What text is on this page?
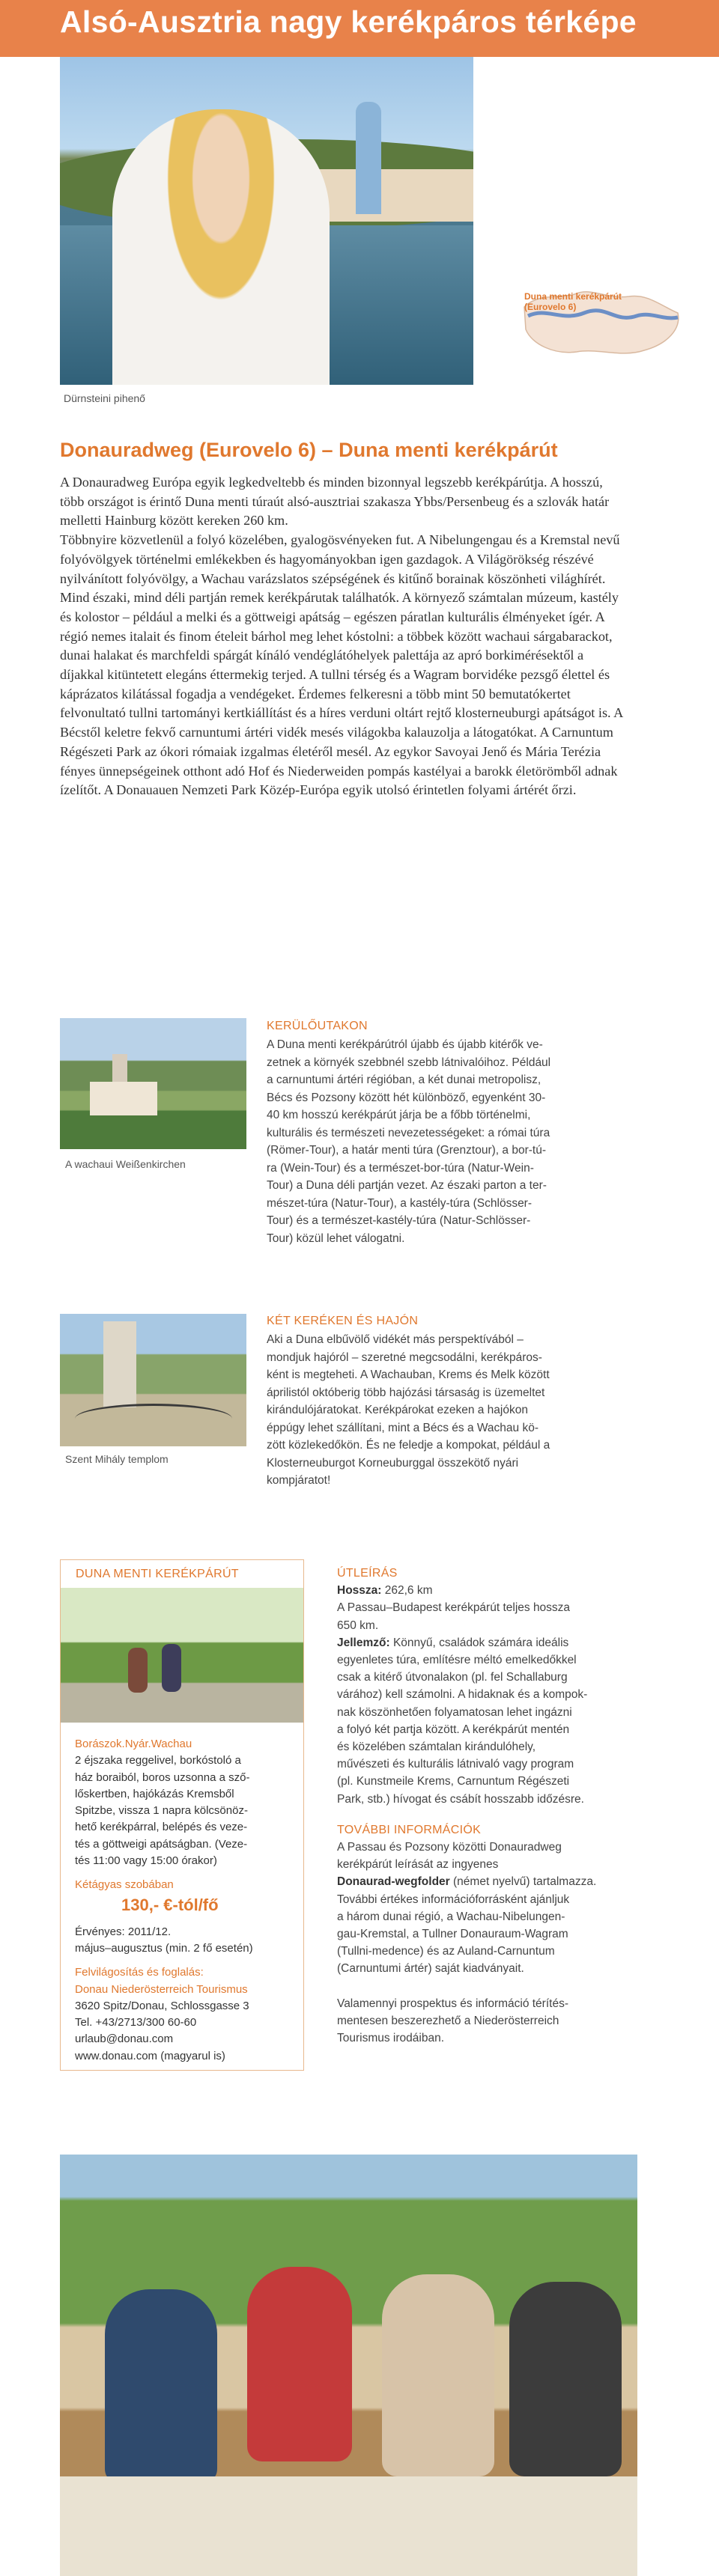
Alsó-Ausztria nagy kerékpáros térképe
Dürnsteini pihenő
Duna menti kerékpárút
(Eurovelo 6)
Donauradweg (Eurovelo 6) – Duna menti kerékpárút

A Donauradweg Európa egyik legkedveltebb és minden bizonnyal legszebb kerékpárútja. A hosszú, több országot is érintő Duna menti túraút alsó-ausztriai szakasza Ybbs/Persenbeug és a szlovák határ melletti Hainburg között kereken 260 km.

Többnyire közvetlenül a folyó közelében, gyalogösvényeken fut. A Nibelungengau és a Kremstal nevű folyóvölgyek történelmi emlékekben és hagyományokban igen gazdagok. A Világörökség részévé nyilvánított folyóvölgy, a Wachau varázslatos szépségének és kitűnő borainak köszönheti világhírét. Mind északi, mind déli partján remek kerékpárutak találhatók. A környező számtalan múzeum, kastély és kolostor – például a melki és a göttweigi apátság – egészen páratlan kulturális élményeket ígér. A régió nemes italait és finom ételeit bárhol meg lehet kóstolni: a többek között wachaui sárgabarackot, dunai halakat és marchfeldi spárgát kínáló vendéglátóhelyek palettája az apró borkimérésektől a díjakkal kitüntetett elegáns éttermekig terjed. A tullni térség és a Wagram borvidéke pezsgő élettel és káprázatos kilátással fogadja a vendégeket. Érdemes felkeresni a több mint 50 bemutatókertet felvonultató tullni tartományi kertkiállítást és a híres verduni oltárt rejtő klosterneuburgi apátságot is. A Bécstől keletre fekvő carnuntumi ártéri vidék mesés világokba kalauzolja a látogatókat. A Carnuntum Régészeti Park az ókori rómaiak izgalmas életéről mesél. Az egykor Savoyai Jenő és Mária Terézia fényes ünnepségeinek otthont adó Hof és Niederweiden pompás kastélyai a barokk életörömből adnak ízelítőt. A Donauauen Nemzeti Park Közép-Európa egyik utolsó érintetlen folyami ártérét őrzi.

A wachaui Weißenkirchen
KERÜLŐUTAKON
A Duna menti kerékpárútról újabb és újabb kitérők ve-
zetnek a környék szebbnél szebb látnivalóihoz. Például
a carnuntumi ártéri régióban, a két dunai metropolisz,
Bécs és Pozsony között hét különböző, egyenként 30-
40 km hosszú kerékpárút járja be a főbb történelmi,
kulturális és természeti nevezetességeket: a római túra
(Römer-Tour), a határ menti túra (Grenztour), a bor-tú-
ra (Wein-Tour) és a természet-bor-túra (Natur-Wein-
Tour) a Duna déli partján vezet. Az északi parton a ter-
mészet-túra (Natur-Tour), a kastély-túra (Schlösser-
Tour) és a természet-kastély-túra (Natur-Schlösser-
Tour) közül lehet válogatni.
Szent Mihály templom
KÉT KERÉKEN ÉS HAJÓN
Aki a Duna elbűvölő vidékét más perspektívából –
mondjuk hajóról – szeretné megcsodálni, kerékpáros-
ként is megteheti. A Wachauban, Krems és Melk között
áprilistól októberig több hajózási társaság is üzemeltet
kirándulójáratokat. Kerékpárokat ezeken a hajókon
éppúgy lehet szállítani, mint a Bécs és a Wachau kö-
zött közlekedőkön. És ne feledje a kompokat, például a
Klosterneuburgot Korneuburggal összekötő nyári
kompjáratot!
DUNA MENTI KERÉKPÁRÚT
Borászok.Nyár.Wachau
2 éjszaka reggelivel, borkóstoló a
ház boraiból, boros uzsonna a sző-
lőskertben, hajókázás Kremsből
Spitzbe, vissza 1 napra kölcsönöz-
hető kerékpárral, belépés és veze-
tés a göttweigi apátságban. (Veze-
tés 11:00 vagy 15:00 órakor)
Kétágyas szobában
130,- €-tól/fő
Érvényes: 2011/12.
május–augusztus (min. 2 fő esetén)
Felvilágosítás és foglalás:
Donau Niederösterreich Tourismus
3620 Spitz/Donau, Schlossgasse 3
Tel. +43/2713/300 60-60
urlaub@donau.com
www.donau.com (magyarul is)
ÚTLEÍRÁS
Hossza: 262,6 km
A Passau–Budapest kerékpárút teljes hossza
650 km.
Jellemző: Könnyű, családok számára ideális
egyenletes túra, említésre méltó emelkedőkkel
csak a kitérő útvonalakon (pl. fel Schallaburg
várához) kell számolni. A hidaknak és a kompok-
nak köszönhetően folyamatosan lehet ingázni
a folyó két partja között. A kerékpárút mentén
és közelében számtalan kirándulóhely,
művészeti és kulturális látnivaló vagy program
(pl. Kunstmeile Krems, Carnuntum Régészeti
Park, stb.) hívogat és csábít hosszabb időzésre.
TOVÁBBI INFORMÁCIÓK
A Passau és Pozsony közötti Donauradweg
kerékpárút leírását az ingyenes
Donaurad-wegfolder (német nyelvű) tartalmazza.
További értékes információforrásként ajánljuk
a három dunai régió, a Wachau-Nibelungen-
gau-Kremstal, a Tullner Donauraum-Wagram
(Tullni-medence) és az Auland-Carnuntum
(Carnuntumi ártér) saját kiadványait.
Valamennyi prospektus és információ térítés-
mentesen beszerezhető a Niederösterreich
Tourismus irodáiban.
